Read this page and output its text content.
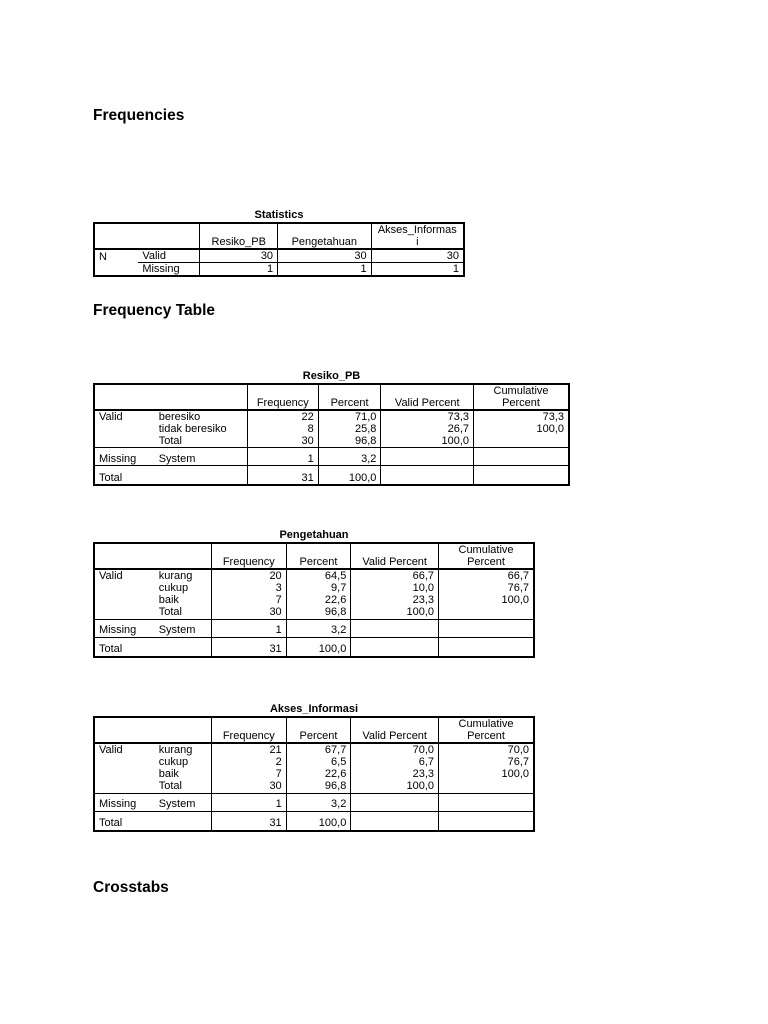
Frequencies
Statistics
		Resiko_PB	Pengetahuan	Akses_Informas
i
N	Valid	30	30	30
	Missing	1	1	1
Frequency Table
Resiko_PB
		Frequency	Percent	Valid Percent	Cumulative
Percent
Valid	beresiko	22	71,0	73,3	73,3
	tidak beresiko	8	25,8	26,7	100,0
	Total	30	96,8	100,0	
Missing	System	1	3,2		
Total		31	100,0		
Pengetahuan
		Frequency	Percent	Valid Percent	Cumulative
Percent
Valid	kurang	20	64,5	66,7	66,7
	cukup	3	9,7	10,0	76,7
	baik	7	22,6	23,3	100,0
	Total	30	96,8	100,0	
Missing	System	1	3,2		
Total		31	100,0		
Akses_Informasi
		Frequency	Percent	Valid Percent	Cumulative
Percent
Valid	kurang	21	67,7	70,0	70,0
	cukup	2	6,5	6,7	76,7
	baik	7	22,6	23,3	100,0
	Total	30	96,8	100,0	
Missing	System	1	3,2		
Total		31	100,0		
Crosstabs
